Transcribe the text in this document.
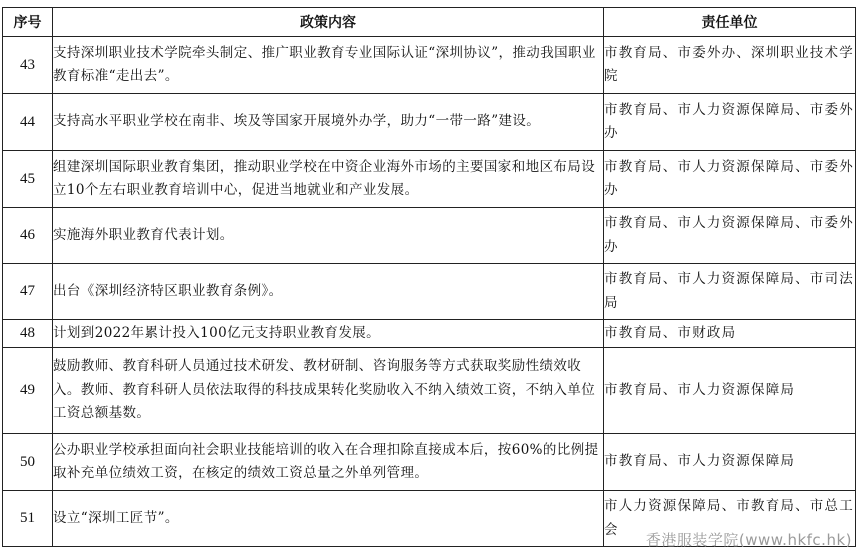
序号	政策内容	责任单位
43	支持深圳职业技术学院牵头制定、推广职业教育专业国际认证“深圳协议”，推动我国职业教育标准“走出去”。	市教育局、市委外办、深圳职业技术学院
44	支持高水平职业学校在南非、埃及等国家开展境外办学，助力“一带一路”建设。	市教育局、市人力资源保障局、市委外办
45	组建深圳国际职业教育集团，推动职业学校在中资企业海外市场的主要国家和地区布局设立10个左右职业教育培训中心，促进当地就业和产业发展。	市教育局、市人力资源保障局、市委外办
46	实施海外职业教育代表计划。	市教育局、市人力资源保障局、市委外办
47	出台《深圳经济特区职业教育条例》。	市教育局、市人力资源保障局、市司法局
48	计划到2022年累计投入100亿元支持职业教育发展。	市教育局、市财政局
49	鼓励教师、教育科研人员通过技术研发、教材研制、咨询服务等方式获取奖励性绩效收入。教师、教育科研人员依法取得的科技成果转化奖励收入不纳入绩效工资，不纳入单位工资总额基数。	市教育局、市人力资源保障局
50	公办职业学校承担面向社会职业技能培训的收入在合理扣除直接成本后，按60%的比例提取补充单位绩效工资，在核定的绩效工资总量之外单列管理。	市教育局、市人力资源保障局
51	设立“深圳工匠节”。	市人力资源保障局、市教育局、市总工会
香港服装学院(www.hkfc.hk)
